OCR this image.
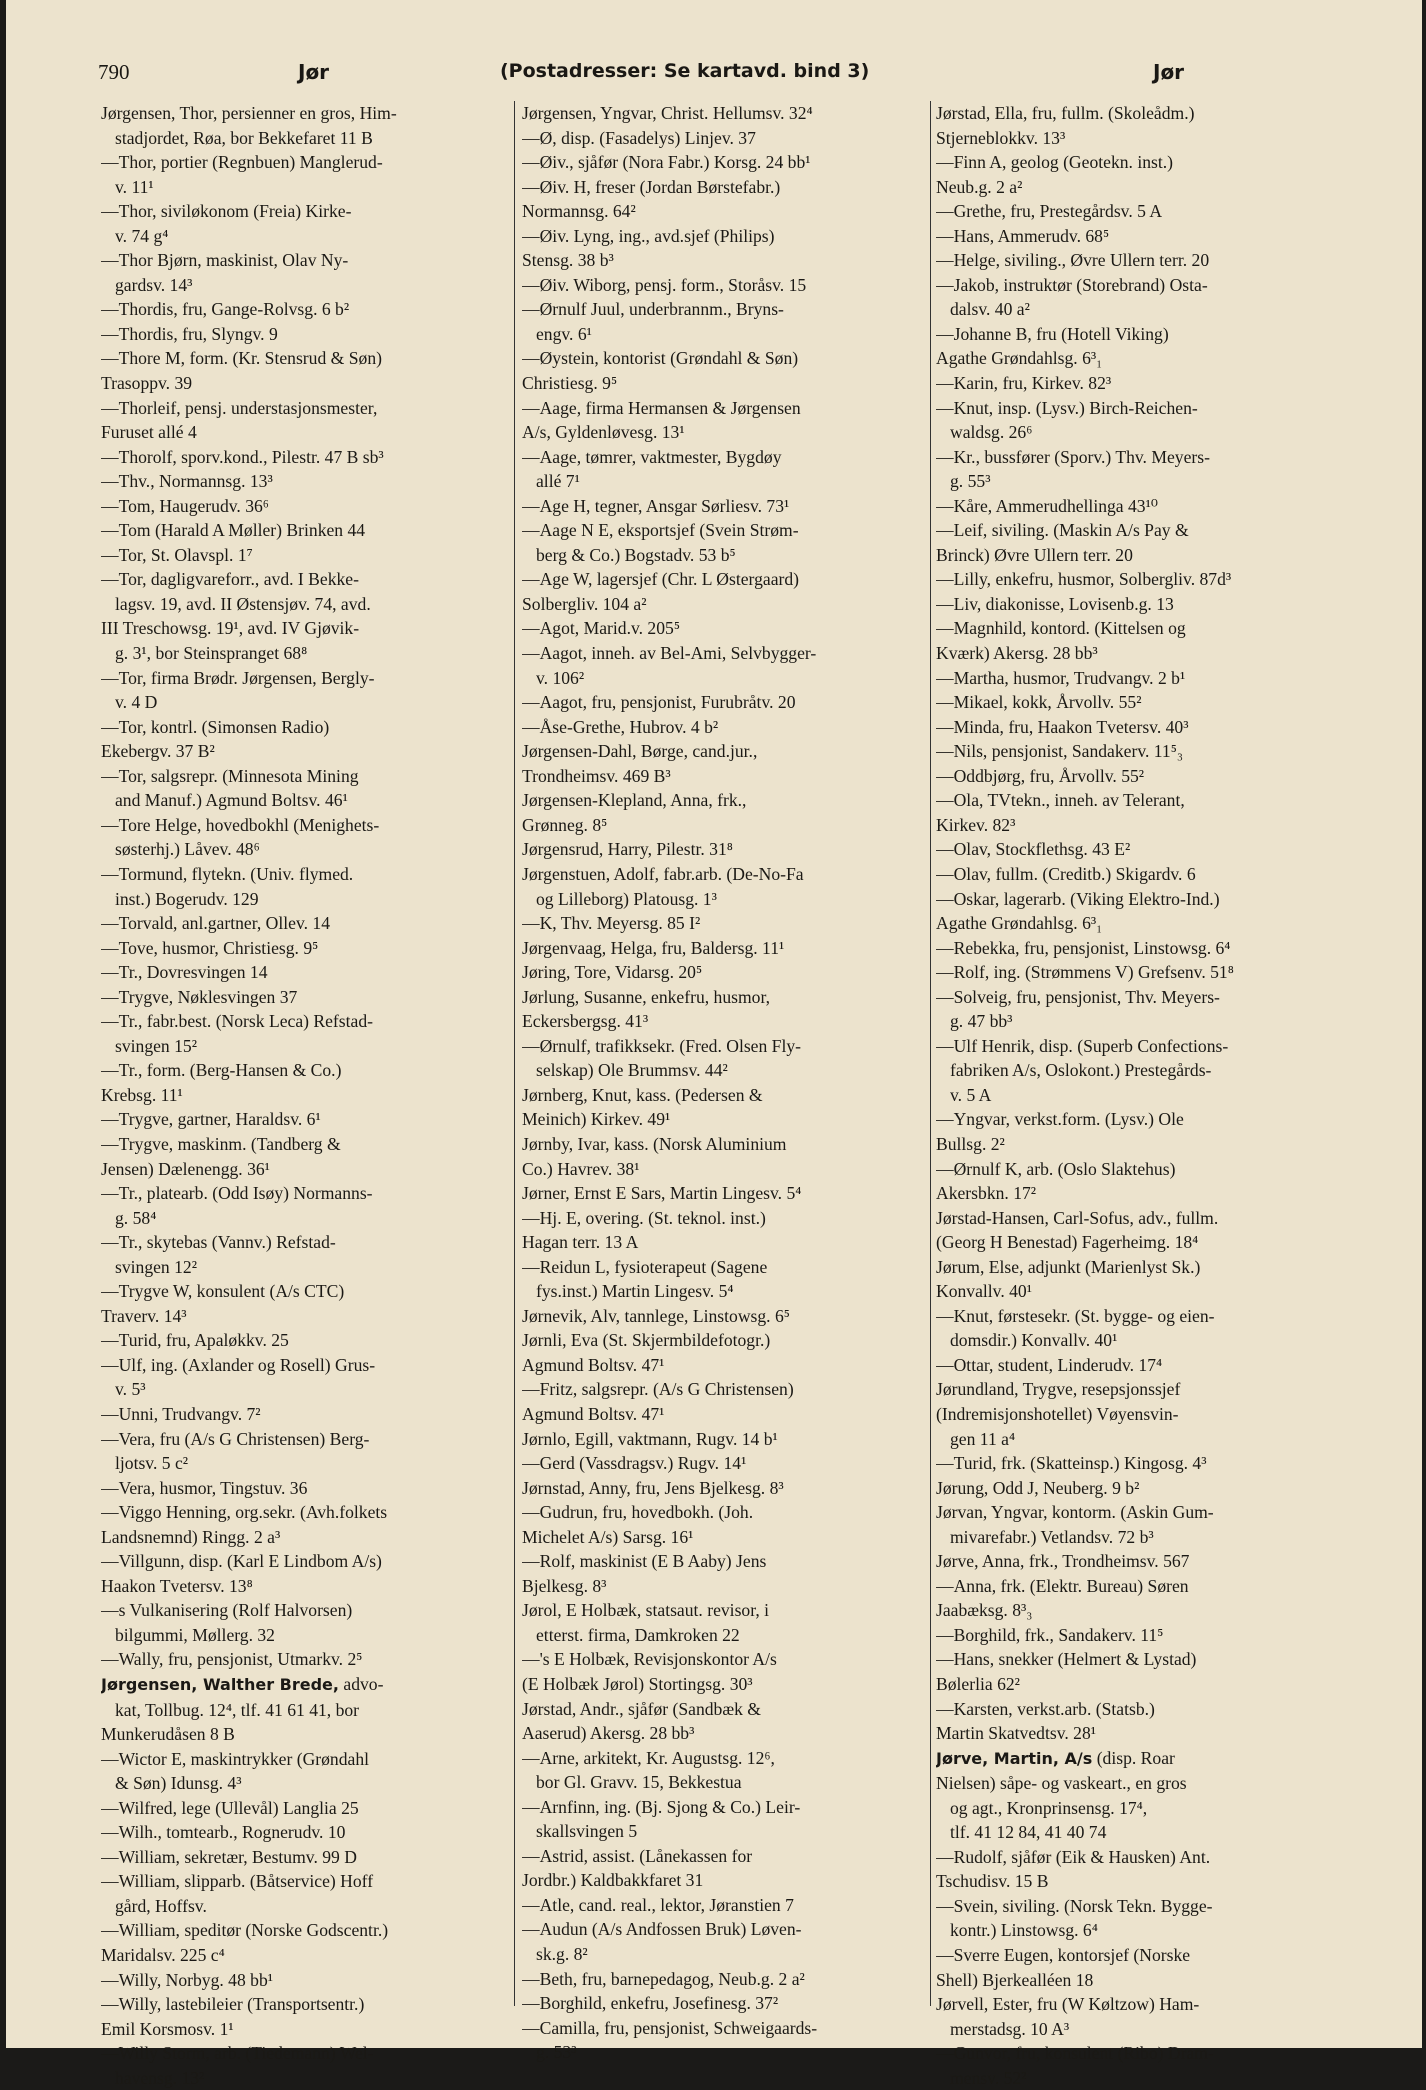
790	Jør	(Postadresser: Se kartavd. bind 3)	Jør
Jørgensen, Thor, persienner en gros, Him-
stadjordet, Røa, bor Bekkefaret 11 B
—Thor, portier (Regnbuen) Manglerud-
v. 11¹
—Thor, siviløkonom (Freia) Kirke-
v. 74 g⁴
—Thor Bjørn, maskinist, Olav Ny-
gardsv. 14³
—Thordis, fru, Gange-Rolvsg. 6 b²
—Thordis, fru, Slyngv. 9
—Thore M, form. (Kr. Stensrud & Søn)
Trasoppv. 39
—Thorleif, pensj. understasjonsmester,
Furuset allé 4
—Thorolf, sporv.kond., Pilestr. 47 B sb³
—Thv., Normannsg. 13³
—Tom, Haugerudv. 36⁶
—Tom (Harald A Møller) Brinken 44
—Tor, St. Olavspl. 1⁷
—Tor, dagligvareforr., avd. I Bekke-
lagsv. 19, avd. II Østensjøv. 74, avd.
III Treschowsg. 19¹, avd. IV Gjøvik-
g. 3¹, bor Steinspranget 68⁸
—Tor, firma Brødr. Jørgensen, Bergly-
v. 4 D
—Tor, kontrl. (Simonsen Radio)
Ekebergv. 37 B²
—Tor, salgsrepr. (Minnesota Mining
and Manuf.) Agmund Boltsv. 46¹
—Tore Helge, hovedbokhl (Menighets-
søsterhj.) Låvev. 48⁶
—Tormund, flytekn. (Univ. flymed.
inst.) Bogerudv. 129
—Torvald, anl.gartner, Ollev. 14
—Tove, husmor, Christiesg. 9⁵
—Tr., Dovresvingen 14
—Trygve, Nøklesvingen 37
—Tr., fabr.best. (Norsk Leca) Refstad-
svingen 15²
—Tr., form. (Berg-Hansen & Co.)
Krebsg. 11¹
—Trygve, gartner, Haraldsv. 6¹
—Trygve, maskinm. (Tandberg &
Jensen) Dælenengg. 36¹
—Tr., platearb. (Odd Isøy) Normanns-
g. 58⁴
—Tr., skytebas (Vannv.) Refstad-
svingen 12²
—Trygve W, konsulent (A/s CTC)
Traverv. 14³
—Turid, fru, Apaløkkv. 25
—Ulf, ing. (Axlander og Rosell) Grus-
v. 5³
—Unni, Trudvangv. 7²
—Vera, fru (A/s G Christensen) Berg-
ljotsv. 5 c²
—Vera, husmor, Tingstuv. 36
—Viggo Henning, org.sekr. (Avh.folkets
Landsnemnd) Ringg. 2 a³
—Villgunn, disp. (Karl E Lindbom A/s)
Haakon Tvetersv. 13⁸
—s Vulkanisering (Rolf Halvorsen)
bilgummi, Møllerg. 32
—Wally, fru, pensjonist, Utmarkv. 2⁵
Jørgensen, Walther Brede, advo-
kat, Tollbug. 12⁴, tlf. 41 61 41, bor
Munkerudåsen 8 B
—Wictor E, maskintrykker (Grøndahl
& Søn) Idunsg. 4³
—Wilfred, lege (Ullevål) Langlia 25
—Wilh., tomtearb., Rognerudv. 10
—William, sekretær, Bestumv. 99 D
—William, slipparb. (Båtservice) Hoff
gård, Hoffsv.
—William, speditør (Norske Godscentr.)
Maridalsv. 225 c⁴
—Willy, Norbyg. 48 bb¹
—Willy, lastebileier (Transportsentr.)
Emil Korsmosv. 1¹
—Willy Storm, arb. (Tiedemann) Wel-
havensg. 13²
Jørgensen, Yngvar, Christ. Hellumsv. 32⁴
—Ø, disp. (Fasadelys) Linjev. 37
—Øiv., sjåfør (Nora Fabr.) Korsg. 24 bb¹
—Øiv. H, freser (Jordan Børstefabr.)
Normannsg. 64²
—Øiv. Lyng, ing., avd.sjef (Philips)
Stensg. 38 b³
—Øiv. Wiborg, pensj. form., Storåsv. 15
—Ørnulf Juul, underbrannm., Bryns-
engv. 6¹
—Øystein, kontorist (Grøndahl & Søn)
Christiesg. 9⁵
—Aage, firma Hermansen & Jørgensen
A/s, Gyldenløvesg. 13¹
—Aage, tømrer, vaktmester, Bygdøy
allé 7¹
—Age H, tegner, Ansgar Sørliesv. 73¹
—Aage N E, eksportsjef (Svein Strøm-
berg & Co.) Bogstadv. 53 b⁵
—Age W, lagersjef (Chr. L Østergaard)
Solbergliv. 104 a²
—Agot, Marid.v. 205⁵
—Aagot, inneh. av Bel-Ami, Selvbygger-
v. 106²
—Aagot, fru, pensjonist, Furubråtv. 20
—Åse-Grethe, Hubrov. 4 b²
Jørgensen-Dahl, Børge, cand.jur.,
Trondheimsv. 469 B³
Jørgensen-Klepland, Anna, frk.,
Grønneg. 8⁵
Jørgensrud, Harry, Pilestr. 31⁸
Jørgenstuen, Adolf, fabr.arb. (De-No-Fa
og Lilleborg) Platousg. 1³
—K, Thv. Meyersg. 85 I²
Jørgenvaag, Helga, fru, Baldersg. 11¹
Jøring, Tore, Vidarsg. 20⁵
Jørlung, Susanne, enkefru, husmor,
Eckersbergsg. 41³
—Ørnulf, trafikksekr. (Fred. Olsen Fly-
selskap) Ole Brummsv. 44²
Jørnberg, Knut, kass. (Pedersen &
Meinich) Kirkev. 49¹
Jørnby, Ivar, kass. (Norsk Aluminium
Co.) Havrev. 38¹
Jørner, Ernst E Sars, Martin Lingesv. 5⁴
—Hj. E, overing. (St. teknol. inst.)
Hagan terr. 13 A
—Reidun L, fysioterapeut (Sagene
fys.inst.) Martin Lingesv. 5⁴
Jørnevik, Alv, tannlege, Linstowsg. 6⁵
Jørnli, Eva (St. Skjermbildefotogr.)
Agmund Boltsv. 47¹
—Fritz, salgsrepr. (A/s G Christensen)
Agmund Boltsv. 47¹
Jørnlo, Egill, vaktmann, Rugv. 14 b¹
—Gerd (Vassdragsv.) Rugv. 14¹
Jørnstad, Anny, fru, Jens Bjelkesg. 8³
—Gudrun, fru, hovedbokh. (Joh.
Michelet A/s) Sarsg. 16¹
—Rolf, maskinist (E B Aaby) Jens
Bjelkesg. 8³
Jørol, E Holbæk, statsaut. revisor, i
etterst. firma, Damkroken 22
—'s E Holbæk, Revisjonskontor A/s
(E Holbæk Jørol) Stortingsg. 30³
Jørstad, Andr., sjåfør (Sandbæk &
Aaserud) Akersg. 28 bb³
—Arne, arkitekt, Kr. Augustsg. 12⁶,
bor Gl. Gravv. 15, Bekkestua
—Arnfinn, ing. (Bj. Sjong & Co.) Leir-
skallsvingen 5
—Astrid, assist. (Lånekassen for
Jordbr.) Kaldbakkfaret 31
—Atle, cand. real., lektor, Jøranstien 7
—Audun (A/s Andfossen Bruk) Løven-
sk.g. 8²
—Beth, fru, barnepedagog, Neub.g. 2 a²
—Borghild, enkefru, Josefinesg. 37²
—Camilla, fru, pensjonist, Schweigaards-
g. 53³
Jørstad, Ella, fru, fullm. (Skoleådm.)
Stjerneblokkv. 13³
—Finn A, geolog (Geotekn. inst.)
Neub.g. 2 a²
—Grethe, fru, Prestegårdsv. 5 A
—Hans, Ammerudv. 68⁵
—Helge, siviling., Øvre Ullern terr. 20
—Jakob, instruktør (Storebrand) Osta-
dalsv. 40 a²
—Johanne B, fru (Hotell Viking)
Agathe Grøndahlsg. 6³₁
—Karin, fru, Kirkev. 82³
—Knut, insp. (Lysv.) Birch-Reichen-
waldsg. 26⁶
—Kr., bussfører (Sporv.) Thv. Meyers-
g. 55³
—Kåre, Ammerudhellinga 43¹⁰
—Leif, siviling. (Maskin A/s Pay &
Brinck) Øvre Ullern terr. 20
—Lilly, enkefru, husmor, Solbergliv. 87d³
—Liv, diakonisse, Lovisenb.g. 13
—Magnhild, kontord. (Kittelsen og
Kværk) Akersg. 28 bb³
—Martha, husmor, Trudvangv. 2 b¹
—Mikael, kokk, Årvollv. 55²
—Minda, fru, Haakon Tvetersv. 40³
—Nils, pensjonist, Sandakerv. 11⁵₃
—Oddbjørg, fru, Årvollv. 55²
—Ola, TVtekn., inneh. av Telerant,
Kirkev. 82³
—Olav, Stockflethsg. 43 E²
—Olav, fullm. (Creditb.) Skigardv. 6
—Oskar, lagerarb. (Viking Elektro-Ind.)
Agathe Grøndahlsg. 6³₁
—Rebekka, fru, pensjonist, Linstowsg. 6⁴
—Rolf, ing. (Strømmens V) Grefsenv. 51⁸
—Solveig, fru, pensjonist, Thv. Meyers-
g. 47 bb³
—Ulf Henrik, disp. (Superb Confections-
fabriken A/s, Oslokont.) Prestegårds-
v. 5 A
—Yngvar, verkst.form. (Lysv.) Ole
Bullsg. 2²
—Ørnulf K, arb. (Oslo Slaktehus)
Akersbkn. 17²
Jørstad-Hansen, Carl-Sofus, adv., fullm.
(Georg H Benestad) Fagerheimg. 18⁴
Jørum, Else, adjunkt (Marienlyst Sk.)
Konvallv. 40¹
—Knut, førstesekr. (St. bygge- og eien-
domsdir.) Konvallv. 40¹
—Ottar, student, Linderudv. 17⁴
Jørundland, Trygve, resepsjonssjef
(Indremisjonshotellet) Vøyensvin-
gen 11 a⁴
—Turid, frk. (Skatteinsp.) Kingosg. 4³
Jørung, Odd J, Neuberg. 9 b²
Jørvan, Yngvar, kontorm. (Askin Gum-
mivarefabr.) Vetlandsv. 72 b³
Jørve, Anna, frk., Trondheimsv. 567
—Anna, frk. (Elektr. Bureau) Søren
Jaabæksg. 8³₃
—Borghild, frk., Sandakerv. 11⁵
—Hans, snekker (Helmert & Lystad)
Bølerlia 62²
—Karsten, verkst.arb. (Statsb.)
Martin Skatvedtsv. 28¹
Jørve, Martin, A/s (disp. Roar
Nielsen) såpe- og vaskeart., en gros
og agt., Kronprinsensg. 17⁴,
tlf. 41 12 84, 41 40 74
—Rudolf, sjåfør (Eik & Hausken) Ant.
Tschudisv. 15 B
—Svein, siviling. (Norsk Tekn. Bygge-
kontr.) Linstowsg. 6⁴
—Sverre Eugen, kontorsjef (Norske
Shell) Bjerkealléen 18
Jørvell, Ester, fru (W Køltzow) Ham-
merstadsg. 10 A³
—Gunvor, fru, konsulent (Ribo) Dram-
mensv. 52²
